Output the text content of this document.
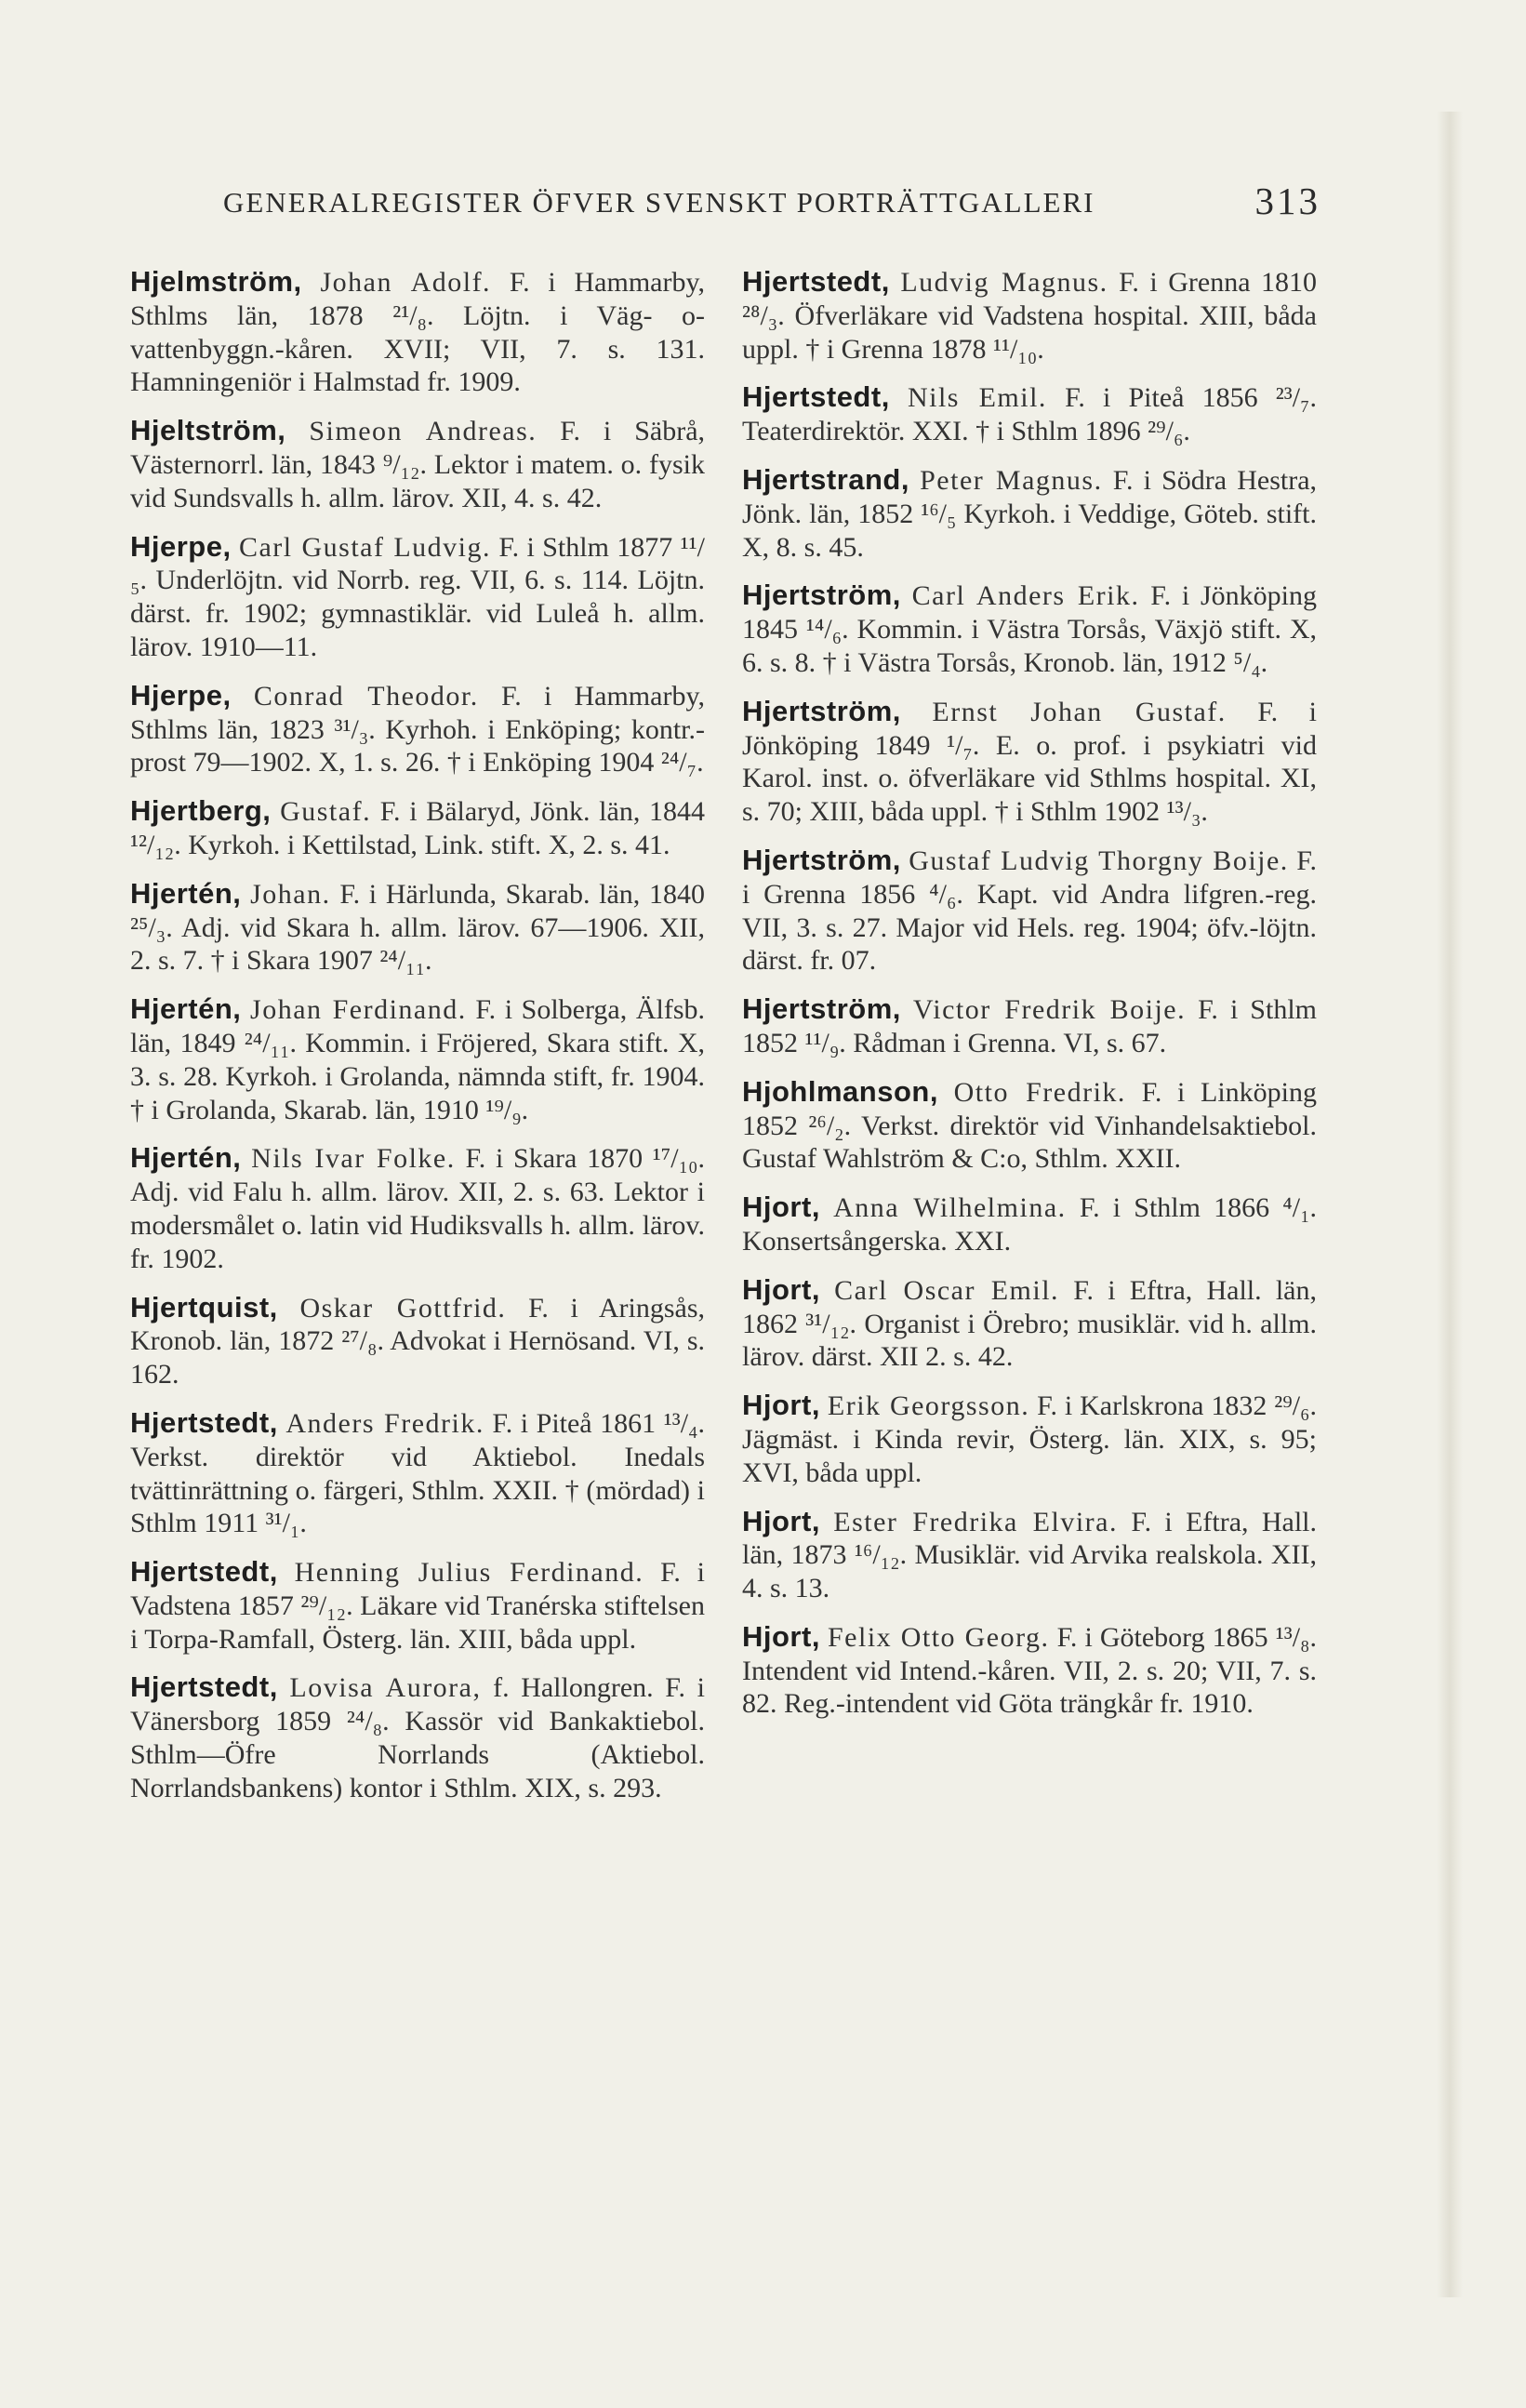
GENERALREGISTER ÖFVER SVENSKT PORTRÄTTGALLERI	313
Hjelmström, Johan Adolf. F. i Hammarby, Sthlms län, 1878 ²¹/₈. Löjtn. i Väg- o- vattenbyggn.-kåren. XVII; VII, 7. s. 131. Hamningeniör i Halmstad fr. 1909.
Hjeltström, Simeon Andreas. F. i Säbrå, Västernorrl. län, 1843 ⁹/₁₂. Lektor i matem. o. fysik vid Sundsvalls h. allm. lärov. XII, 4. s. 42.
Hjerpe, Carl Gustaf Ludvig. F. i Sthlm 1877 ¹¹/₅. Underlöjtn. vid Norrb. reg. VII, 6. s. 114. Löjtn. därst. fr. 1902; gymnastiklär. vid Luleå h. allm. lärov. 1910—11.
Hjerpe, Conrad Theodor. F. i Hammarby, Sthlms län, 1823 ³¹/₃. Kyrhoh. i Enköping; kontr.-prost 79—1902. X, 1. s. 26. † i Enköping 1904 ²⁴/₇.
Hjertberg, Gustaf. F. i Bälaryd, Jönk. län, 1844 ¹²/₁₂. Kyrkoh. i Kettilstad, Link. stift. X, 2. s. 41.
Hjertén, Johan. F. i Härlunda, Skarab. län, 1840 ²⁵/₃. Adj. vid Skara h. allm. lärov. 67—1906. XII, 2. s. 7. † i Skara 1907 ²⁴/₁₁.
Hjertén, Johan Ferdinand. F. i Solberga, Älfsb. län, 1849 ²⁴/₁₁. Kommin. i Fröjered, Skara stift. X, 3. s. 28. Kyrkoh. i Grolanda, nämnda stift, fr. 1904. † i Grolanda, Skarab. län, 1910 ¹⁹/₉.
Hjertén, Nils Ivar Folke. F. i Skara 1870 ¹⁷/₁₀. Adj. vid Falu h. allm. lärov. XII, 2. s. 63. Lektor i modersmålet o. latin vid Hudiksvalls h. allm. lärov. fr. 1902.
Hjertquist, Oskar Gottfrid. F. i Aringsås, Kronob. län, 1872 ²⁷/₈. Advokat i Hernösand. VI, s. 162.
Hjertstedt, Anders Fredrik. F. i Piteå 1861 ¹³/₄. Verkst. direktör vid Aktiebol. Inedals tvättinrättning o. färgeri, Sthlm. XXII. † (mördad) i Sthlm 1911 ³¹/₁.
Hjertstedt, Henning Julius Ferdinand. F. i Vadstena 1857 ²⁹/₁₂. Läkare vid Tranérska stiftelsen i Torpa-Ramfall, Österg. län. XIII, båda uppl.
Hjertstedt, Lovisa Aurora, f. Hallongren. F. i Vänersborg 1859 ²⁴/₈. Kassör vid Bankaktiebol. Sthlm—Öfre Norrlands (Aktiebol. Norrlandsbankens) kontor i Sthlm. XIX, s. 293.
Hjertstedt, Ludvig Magnus. F. i Grenna 1810 ²⁸/₃. Öfverläkare vid Vadstena hospital. XIII, båda uppl. † i Grenna 1878 ¹¹/₁₀.
Hjertstedt, Nils Emil. F. i Piteå 1856 ²³/₇. Teaterdirektör. XXI. † i Sthlm 1896 ²⁹/₆.
Hjertstrand, Peter Magnus. F. i Södra Hestra, Jönk. län, 1852 ¹⁶/₅ Kyrkoh. i Veddige, Göteb. stift. X, 8. s. 45.
Hjertström, Carl Anders Erik. F. i Jönköping 1845 ¹⁴/₆. Kommin. i Västra Torsås, Växjö stift. X, 6. s. 8. † i Västra Torsås, Kronob. län, 1912 ⁵/₄.
Hjertström, Ernst Johan Gustaf. F. i Jönköping 1849 ¹/₇. E. o. prof. i psykiatri vid Karol. inst. o. öfverläkare vid Sthlms hospital. XI, s. 70; XIII, båda uppl. † i Sthlm 1902 ¹³/₃.
Hjertström, Gustaf Ludvig Thorgny Boije. F. i Grenna 1856 ⁴/₆. Kapt. vid Andra lifgren.-reg. VII, 3. s. 27. Major vid Hels. reg. 1904; öfv.-löjtn. därst. fr. 07.
Hjertström, Victor Fredrik Boije. F. i Sthlm 1852 ¹¹/₉. Rådman i Grenna. VI, s. 67.
Hjohlmanson, Otto Fredrik. F. i Linköping 1852 ²⁶/₂. Verkst. direktör vid Vinhandelsaktiebol. Gustaf Wahlström & C:o, Sthlm. XXII.
Hjort, Anna Wilhelmina. F. i Sthlm 1866 ⁴/₁. Konsertsångerska. XXI.
Hjort, Carl Oscar Emil. F. i Eftra, Hall. län, 1862 ³¹/₁₂. Organist i Örebro; musiklär. vid h. allm. lärov. därst. XII 2. s. 42.
Hjort, Erik Georgsson. F. i Karlskrona 1832 ²⁹/₆. Jägmäst. i Kinda revir, Österg. län. XIX, s. 95; XVI, båda uppl.
Hjort, Ester Fredrika Elvira. F. i Eftra, Hall. län, 1873 ¹⁶/₁₂. Musiklär. vid Arvika realskola. XII, 4. s. 13.
Hjort, Felix Otto Georg. F. i Göteborg 1865 ¹³/₈. Intendent vid Intend.-kåren. VII, 2. s. 20; VII, 7. s. 82. Reg.-intendent vid Göta trängkår fr. 1910.
